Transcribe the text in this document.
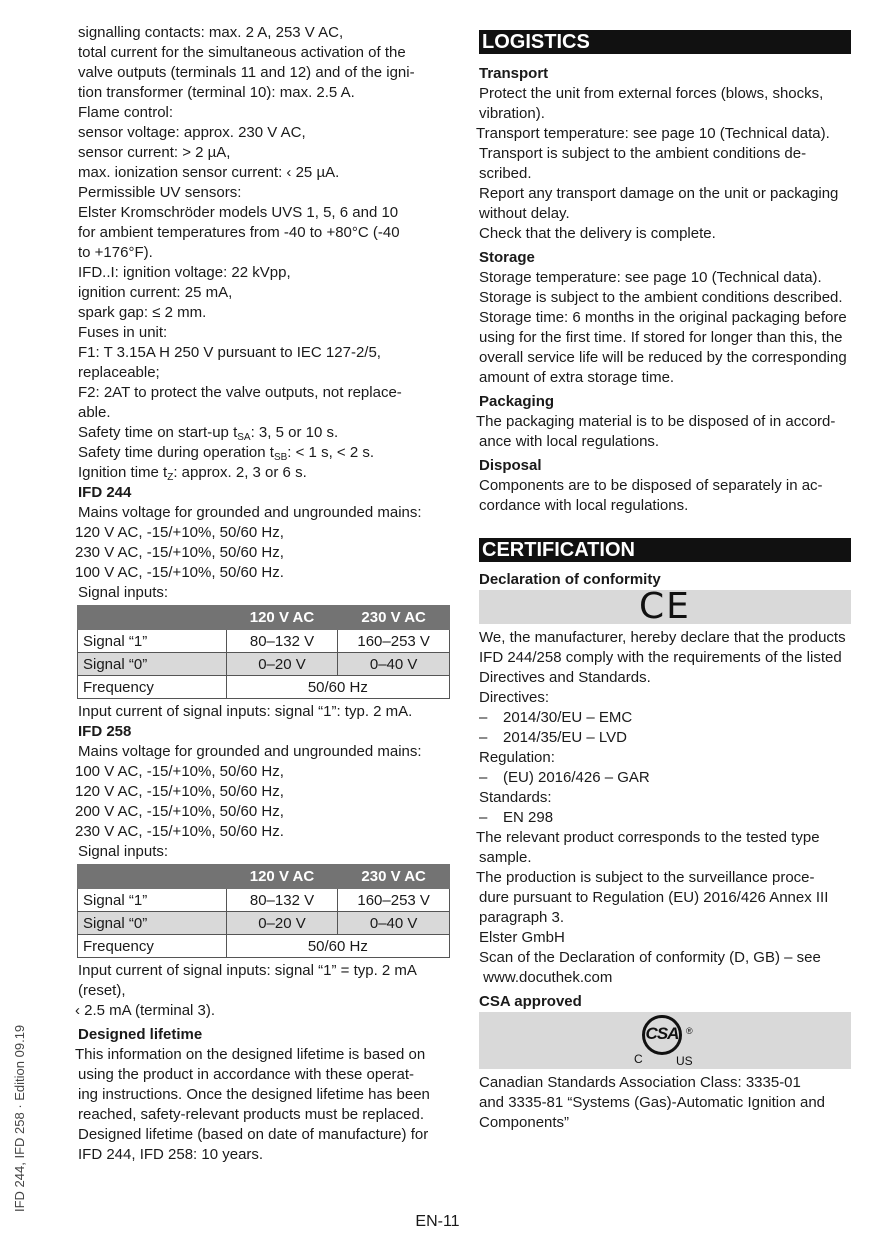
signalling contacts: max. 2 A, 253 V AC,
total current for the simultaneous activation of the
valve outputs (terminals 11 and 12) and of the igni-
tion transformer (terminal 10): max. 2.5 A.
Flame control:
sensor voltage: approx. 230 V AC,
sensor current: > 2 µA,
max. ionization sensor current: ‹ 25 µA.
Permissible UV sensors:
Elster Kromschröder models UVS 1, 5, 6 and 10
for ambient temperatures from -40 to +80°C (-40
to +176°F).
IFD..I: ignition voltage: 22 kVpp,
ignition current: 25 mA,
spark gap: ≤ 2 mm.
Fuses in unit:
F1: T 3.15A H 250 V pursuant to IEC 127-2/5,
replaceable;
F2: 2AT to protect the valve outputs, not replace-
able.
Safety time on start-up $t_{SA}$: 3, 5 or 10 s.
Safety time during operation $t_{SB}$: < 1 s, < 2 s.
Ignition time $t_Z$: approx. 2, 3 or 6 s.
IFD 244
Mains voltage for grounded and ungrounded mains:
120 V AC, -15/+10%, 50/60 Hz,
230 V AC, -15/+10%, 50/60 Hz,
100 V AC, -15/+10%, 50/60 Hz.
Signal inputs:
	120 V AC	230 V AC
Signal “1”	80–132 V	160–253 V
Signal “0”	0–20 V	0–40 V
Frequency	50/60 Hz	
Input current of signal inputs: signal “1”: typ. 2 mA.
IFD 258
Mains voltage for grounded and ungrounded mains:
100 V AC, -15/+10%, 50/60 Hz,
120 V AC, -15/+10%, 50/60 Hz,
200 V AC, -15/+10%, 50/60 Hz,
230 V AC, -15/+10%, 50/60 Hz.
Signal inputs:
	120 V AC	230 V AC
Signal “1”	80–132 V	160–253 V
Signal “0”	0–20 V	0–40 V
Frequency	50/60 Hz	
Input current of signal inputs: signal “1” = typ. 2 mA
(reset),
‹ 2.5 mA (terminal 3).
Designed lifetime
This information on the designed lifetime is based on
using the product in accordance with these operat-
ing instructions. Once the designed lifetime has been
reached, safety-relevant products must be replaced.
Designed lifetime (based on date of manufacture) for
IFD 244, IFD 258: 10 years.
LOGISTICS
Transport
Protect the unit from external forces (blows, shocks,
vibration).
Transport temperature: see page 10 (Technical data).
Transport is subject to the ambient conditions de-
scribed.
Report any transport damage on the unit or packaging
without delay.
Check that the delivery is complete.
Storage
Storage temperature: see page 10 (Technical data).
Storage is subject to the ambient conditions described.
Storage time: 6 months in the original packaging before
using for the first time. If stored for longer than this, the
overall service life will be reduced by the corresponding
amount of extra storage time.
Packaging
The packaging material is to be disposed of in accord-
ance with local regulations.
Disposal
Components are to be disposed of separately in ac-
cordance with local regulations.
CERTIFICATION
Declaration of conformity
CE
We, the manufacturer, hereby declare that the products
IFD 244/258 comply with the requirements of the listed
Directives and Standards.
Directives:
– 2014/30/EU – EMC
– 2014/35/EU – LVD
Regulation:
– (EU) 2016/426 – GAR
Standards:
– EN 298
The relevant product corresponds to the tested type
sample.
The production is subject to the surveillance proce-
dure pursuant to Regulation (EU) 2016/426 Annex III
paragraph 3.
Elster GmbH
Scan of the Declaration of conformity (D, GB) – see
www.docuthek.com
CSA approved
CSA ®
C	US
Canadian Standards Association Class: 3335-01
and 3335-81 “Systems (Gas)-Automatic Ignition and
Components”
IFD 244, IFD 258 · Edition 09.19
EN-11
